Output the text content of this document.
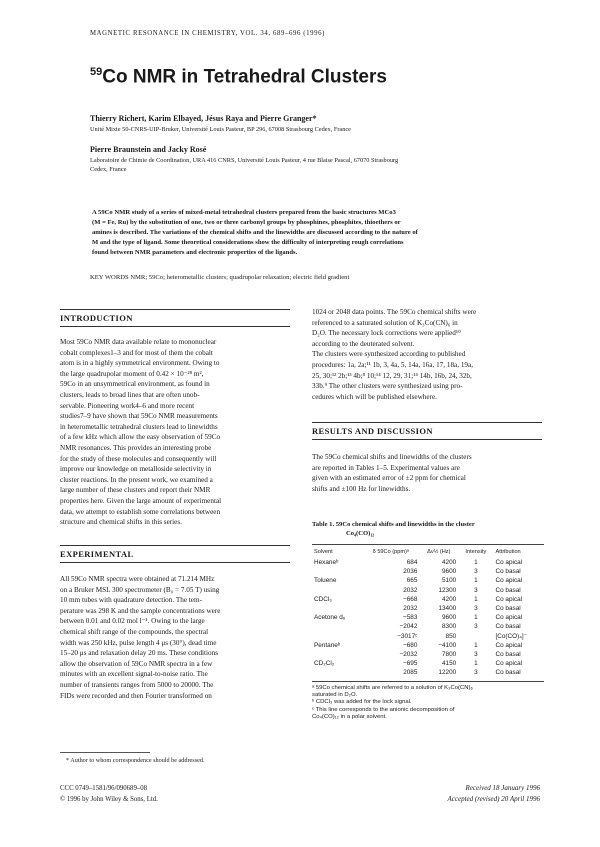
MAGNETIC RESONANCE IN CHEMISTRY, VOL. 34, 689–696 (1996)
$^{59}$Co NMR in Tetrahedral Clusters
Thierry Richert, Karim Elbayed, Jésus Raya and Pierre Granger*
Unité Mixte 50-CNRS-UIP-Bruker, Université Louis Pasteur, BP 296, 67008 Strasbourg Cedex, France
Pierre Braunstein and Jacky Rosé
Laboratoire de Chimie de Coordination, URA 416 CNRS, Université Louis Pasteur, 4 rue Blaise Pascal, 67070 Strasbourg
Cedex, France
A 59Co NMR study of a series of mixed-metal tetrahedral clusters prepared from the basic structures MCo3
(M = Fe, Ru) by the substitution of one, two or three carbonyl groups by phosphines, phosphites, thioethers or
amines is described. The variations of the chemical shifts and the linewidths are discussed according to the nature of
M and the type of ligand. Some theoretical considerations show the difficulty of interpreting rough correlations
found between NMR parameters and electronic properties of the ligands.
KEY WORDS NMR; 59Co; heterometallic clusters; quadrupolar relaxation; electric field gradient
INTRODUCTION
Most 59Co NMR data available relate to mononuclear
cobalt complexes1–3 and for most of them the cobalt
atom is in a highly symmetrical environment. Owing to
the large quadrupolar moment of 0.42 × 10⁻²⁸ m²,
59Co in an unsymmetrical environment, as found in
clusters, leads to broad lines that are often unob-
servable. Pioneering work4–6 and more recent
studies7–9 have shown that 59Co NMR measurements
in heterometallic tetrahedral clusters lead to linewidths
of a few kHz which allow the easy observation of 59Co
NMR resonances. This provides an interesting probe
for the study of these molecules and consequently will
improve our knowledge on metalloside selectivity in
cluster reactions. In the present work, we examined a
large number of these clusters and report their NMR
properties here. Given the large amount of experimental
data, we attempt to establish some correlations between
structure and chemical shifts in this series.
EXPERIMENTAL
All 59Co NMR spectra were obtained at 71.214 MHz
on a Bruker MSL 300 spectrometer (B₀ = 7.05 T) using
10 mm tubes with quadrature detection. The tem-
perature was 298 K and the sample concentrations were
between 0.01 and 0.02 mol l⁻¹. Owing to the large
chemical shift range of the compounds, the spectral
width was 250 kHz, pulse length 4 μs (30°), dead time
15–20 μs and relaxation delay 20 ms. These conditions
allow the observation of 59Co NMR spectra in a few
minutes with an excellent signal-to-noise ratio. The
number of transients ranges from 5000 to 20000. The
FIDs were recorded and then Fourier transformed on
* Author to whom correspondence should be addressed.
CCC 0749–1581/96/090689–08
© 1996 by John Wiley & Sons, Ltd.
1024 or 2048 data points. The 59Co chemical shifts were
referenced to a saturated solution of K₃Co(CN)₆ in
D₂O. The necessary lock corrections were applied¹⁰
according to the deuterated solvent.
The clusters were synthesized according to published
procedures: 1a, 2a;¹¹ 1b, 3, 4a, 5, 14a, 16a, 17, 18a, 19a,
25, 30;¹² 2b;¹³ 4b;⁸ 10;¹⁴ 12, 29, 31;¹⁴ 14b, 16b, 24, 32b,
33b.⁹ The other clusters were synthesized using pro-
cedures which will be published elsewhere.
RESULTS AND DISCUSSION
The 59Co chemical shifts and linewidths of the clusters
are reported in Tables 1–5. Experimental values are
given with an estimated error of ±2 ppm for chemical
shifts and ±100 Hz for linewidths.
Table 1. 59Co chemical shifts and linewidths in the cluster
Co₄(CO)₁₂
Solvent	δ 59Co (ppm)ᵃ	Δν½ (Hz)	Intensity	Attribution
Hexaneᵇ	684	4200	1	Co apical
	2036	9600	3	Co basal
Toluene	665	5100	1	Co apical
	2032	12300	3	Co basal
CDCl₃	−668	4200	1	Co apical
	2032	13400	3	Co basal
Acetone d₆	−583	9600	1	Co apical
	−2042	8300	3	Co basal
	−3017ᶜ	850		[Co(CO)₄]⁻
Pentaneᵇ	−680	−4100	1	Co apical
	−2032	7800	3	Co basal
CD₂Cl₂	−695	4150	1	Co apical
	2085	12200	3	Co basal
ᵃ 59Co chemical shifts are referred to a solution of K₃Co(CN)₆
saturated in D₂O.
ᵇ CDCl₃ was added for the lock signal.
ᶜ This line corresponds to the anionic decomposition of
Co₄(CO)₁₂ in a polar solvent.
Received 18 January 1996
Accepted (revised) 20 April 1996
